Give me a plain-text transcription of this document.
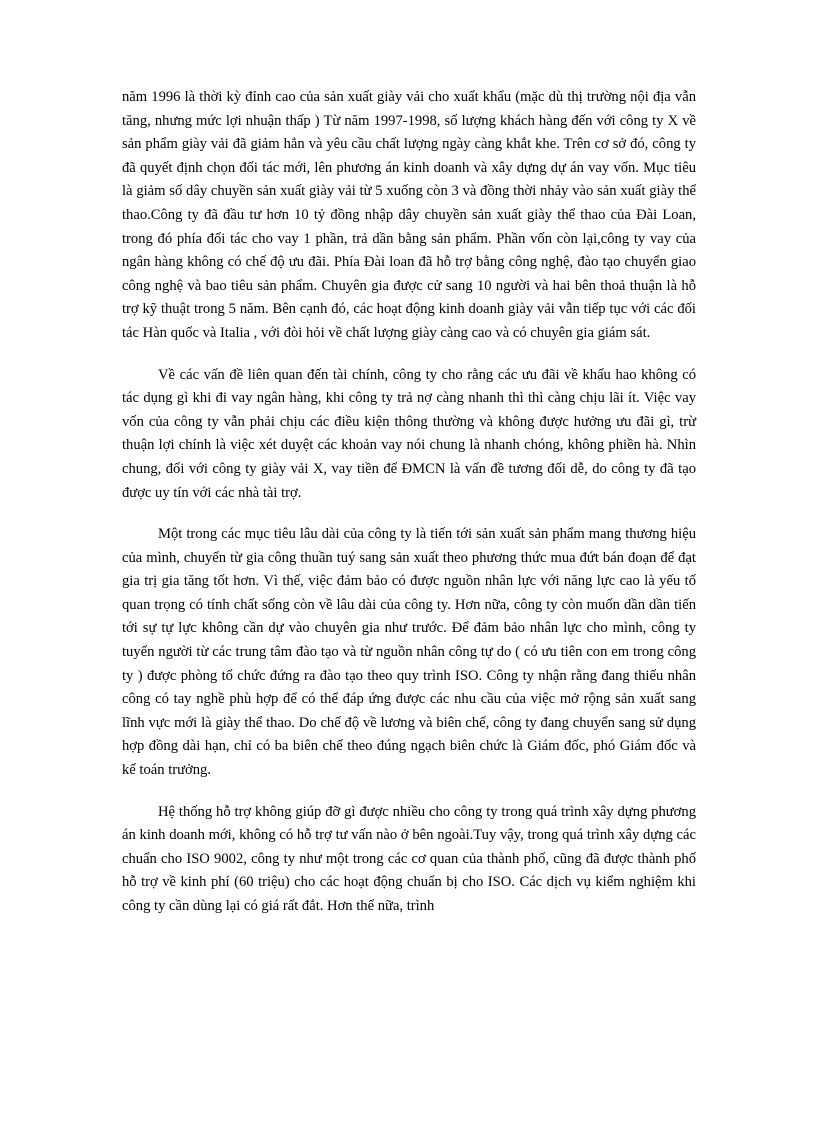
năm 1996 là thời kỳ đỉnh cao của sản xuất giày vải cho xuất khẩu (mặc dù thị trường nội địa vẫn tăng, nhưng mức lợi nhuận thấp ) Từ năm 1997-1998, số lượng khách hàng đến với công ty X về sản phẩm giày vải đã giảm hẳn và yêu cầu chất lượng ngày càng khắt khe. Trên cơ sở đó, công ty đã quyết định chọn đối tác mới, lên phương án kinh doanh và xây dựng dự án vay vốn. Mục tiêu là giảm số dây chuyền sản xuất giày vải từ 5 xuống còn 3 và đồng thời nhảy vào sản xuất giày thể thao.Công ty đã đầu tư hơn 10 tỷ đồng nhập dây chuyền sản xuất giày thể thao của Đài Loan, trong đó phía đối tác cho vay 1 phần, trả dần bằng sản phẩm. Phần vốn còn lại,công ty vay của ngân hàng không có chế độ ưu đãi. Phía Đài loan đã hỗ trợ bằng công nghệ, đào tạo chuyển giao công nghệ và bao tiêu sản phẩm. Chuyên gia được cử sang 10 người và hai bên thoả thuận là hỗ trợ kỹ thuật trong 5 năm. Bên cạnh đó, các hoạt động kinh doanh giày vải vẫn tiếp tục với các đối tác Hàn quốc và Italia , với đòi hỏi về chất lượng giày càng cao và có chuyên gia giám sát.

Về các vấn đề liên quan đến tài chính, công ty cho rằng các ưu đãi về khấu hao không có tác dụng gì khi đi vay ngân hàng, khi công ty trả nợ càng nhanh thì thì càng chịu lãi ít. Việc vay vốn của công ty vẫn phải chịu các điều kiện thông thường và không được hưởng ưu đãi gì, trừ thuận lợi chính là việc xét duyệt các khoản vay nói chung là nhanh chóng, không phiền hà. Nhìn chung, đối với công ty giày vải X, vay tiền để ĐMCN là vấn đề tương đối dễ, do công ty đã tạo được uy tín với các nhà tài trợ.

Một trong các mục tiêu lâu dài của công ty là tiến tới sản xuất sản phẩm mang thương hiệu của mình, chuyển từ gia công thuần tuý sang sản xuất theo phương thức mua đứt bán đoạn để đạt gia trị gia tăng tốt hơn. Vì thế, việc đảm bảo có được nguồn nhân lực với năng lực cao là yếu tố quan trọng có tính chất sống còn về lâu dài của công ty. Hơn nữa, công ty còn muốn dần dần tiến tới sự tự lực không cần dự vào chuyên gia như trước. Để đảm bảo nhân lực cho mình, công ty tuyển người từ các trung tâm đào tạo và từ nguồn nhân công tự do ( có ưu tiên con em trong công ty ) được phòng tổ chức đứng ra đào tạo theo quy trình ISO. Công ty nhận rằng đang thiếu nhân công có tay nghề phù hợp để có thể đáp ứng được các nhu cầu của việc mở rộng sản xuất sang lĩnh vực mới là giày thể thao. Do chế độ về lương và biên chế, công ty đang chuyển sang sử dụng hợp đồng dài hạn, chỉ có ba biên chế theo đúng ngạch biên chức là Giám đốc, phó Giám đốc và kế toán trưởng.

Hệ thống hỗ trợ không giúp đỡ gì được nhiều cho công ty trong quá trình xây dựng phương án kinh doanh mới, không có hỗ trợ tư vấn nào ở bên ngoài.Tuy vậy, trong quá trình xây dựng các chuẩn cho ISO 9002, công ty như một trong các cơ quan của thành phố, cũng đã được thành phố hỗ trợ về kinh phí (60 triệu) cho các hoạt động chuẩn bị cho ISO. Các dịch vụ kiểm nghiệm khi công ty cần dùng lại có giá rất đắt. Hơn thế nữa, trình
